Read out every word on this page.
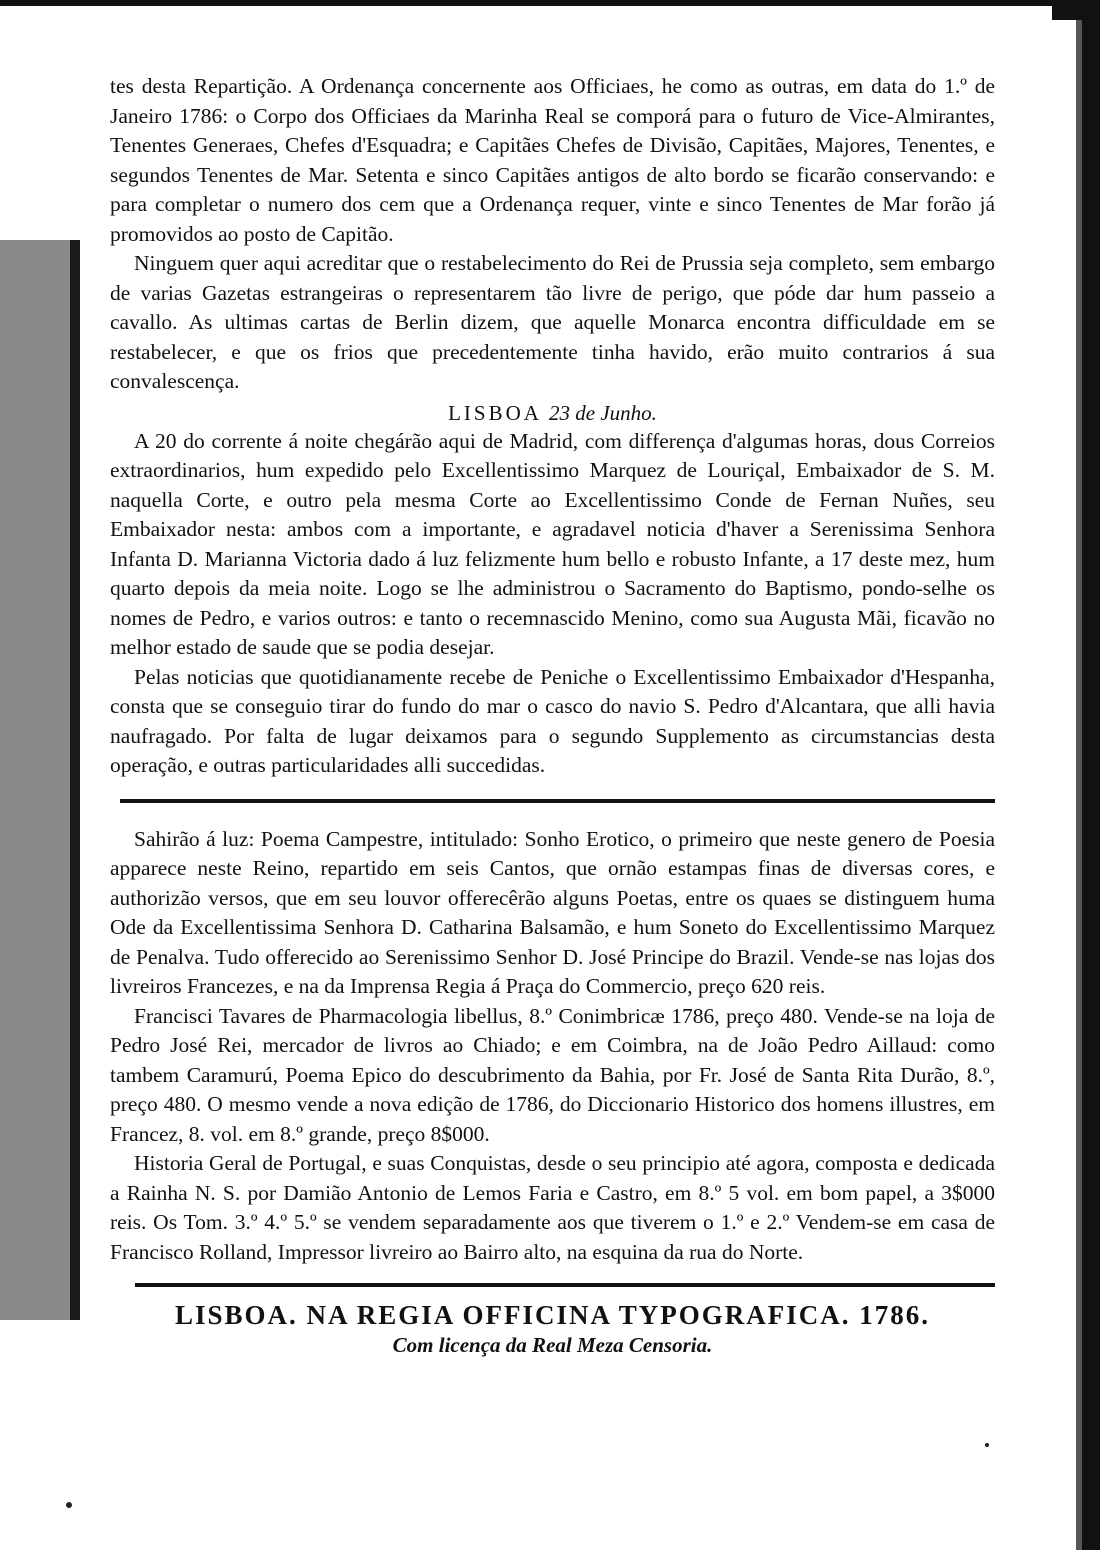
tes desta Repartição. A Ordenança concernente aos Officiaes, he como as outras, em data do 1.º de Janeiro 1786: o Corpo dos Officiaes da Marinha Real se comporá para o futuro de Vice-Almirantes, Tenentes Generaes, Chefes d'Esquadra; e Capitães Chefes de Divisão, Capitães, Majores, Tenentes, e segundos Tenentes de Mar. Setenta e sinco Capitães antigos de alto bordo se ficarão conservando: e para completar o numero dos cem que a Ordenança requer, vinte e sinco Tenentes de Mar forão já promovidos ao posto de Capitão.

Ninguem quer aqui acreditar que o restabelecimento do Rei de Prussia seja completo, sem embargo de varias Gazetas estrangeiras o representarem tão livre de perigo, que póde dar hum passeio a cavallo. As ultimas cartas de Berlin dizem, que aquelle Monarca encontra difficuldade em se restabelecer, e que os frios que precedentemente tinha havido, erão muito contrarios á sua convalescença.

LISBOA 23 de Junho.

A 20 do corrente á noite chegárão aqui de Madrid, com differença d'algumas horas, dous Correios extraordinarios, hum expedido pelo Excellentissimo Marquez de Louriçal, Embaixador de S. M. naquella Corte, e outro pela mesma Corte ao Excellentissimo Conde de Fernan Nuñes, seu Embaixador nesta: ambos com a importante, e agradavel noticia d'haver a Serenissima Senhora Infanta D. Marianna Victoria dado á luz felizmente hum bello e robusto Infante, a 17 deste mez, hum quarto depois da meia noite. Logo se lhe administrou o Sacramento do Baptismo, pondo-selhe os nomes de Pedro, e varios outros: e tanto o recemnascido Menino, como sua Augusta Mãi, ficavão no melhor estado de saude que se podia desejar.

Pelas noticias que quotidianamente recebe de Peniche o Excellentissimo Embaixador d'Hespanha, consta que se conseguio tirar do fundo do mar o casco do navio S. Pedro d'Alcantara, que alli havia naufragado. Por falta de lugar deixamos para o segundo Supplemento as circumstancias desta operação, e outras particularidades alli succedidas.

Sahirão á luz: Poema Campestre, intitulado: Sonho Erotico, o primeiro que neste genero de Poesia apparece neste Reino, repartido em seis Cantos, que ornão estampas finas de diversas cores, e authorizão versos, que em seu louvor offerecêrão alguns Poetas, entre os quaes se distinguem huma Ode da Excellentissima Senhora D. Catharina Balsamão, e hum Soneto do Excellentissimo Marquez de Penalva. Tudo offerecido ao Serenissimo Senhor D. José Principe do Brazil. Vende-se nas lojas dos livreiros Francezes, e na da Imprensa Regia á Praça do Commercio, preço 620 reis.

Francisci Tavares de Pharmacologia libellus, 8.º Conimbricæ 1786, preço 480. Vende-se na loja de Pedro José Rei, mercador de livros ao Chiado; e em Coimbra, na de João Pedro Aillaud: como tambem Caramurú, Poema Epico do descubrimento da Bahia, por Fr. José de Santa Rita Durão, 8.º, preço 480. O mesmo vende a nova edição de 1786, do Diccionario Historico dos homens illustres, em Francez, 8. vol. em 8.º grande, preço 8$000.

Historia Geral de Portugal, e suas Conquistas, desde o seu principio até agora, composta e dedicada a Rainha N. S. por Damião Antonio de Lemos Faria e Castro, em 8.º 5 vol. em bom papel, a 3$000 reis. Os Tom. 3.º 4.º 5.º se vendem separadamente aos que tiverem o 1.º e 2.º Vendem-se em casa de Francisco Rolland, Impressor livreiro ao Bairro alto, na esquina da rua do Norte.

LISBOA. NA REGIA OFFICINA TYPOGRAFICA. 1786.
Com licença da Real Meza Censoria.
